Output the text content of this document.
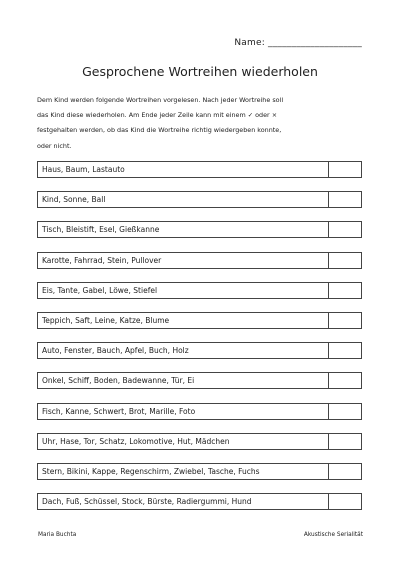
Name: ____________________
Gesprochene Wortreihen wiederholen
Dem Kind werden folgende Wortreihen vorgelesen. Nach jeder Wortreihe soll
das Kind diese wiederholen. Am Ende jeder Zeile kann mit einem ✓ oder ×
festgehalten werden, ob das Kind die Wortreihe richtig wiedergeben konnte,
oder nicht.
Haus, Baum, Lastauto
Kind, Sonne, Ball
Tisch, Bleistift, Esel, Gießkanne
Karotte, Fahrrad, Stein, Pullover
Eis, Tante, Gabel, Löwe, Stiefel
Teppich, Saft, Leine, Katze, Blume
Auto, Fenster, Bauch, Apfel, Buch, Holz
Onkel, Schiff, Boden, Badewanne, Tür, Ei
Fisch, Kanne, Schwert, Brot, Marille, Foto
Uhr, Hase, Tor, Schatz, Lokomotive, Hut, Mädchen
Stern, Bikini, Kappe, Regenschirm, Zwiebel, Tasche, Fuchs
Dach, Fuß, Schüssel, Stock, Bürste, Radiergummi, Hund
Maria Buchta	Akustische Serialität
